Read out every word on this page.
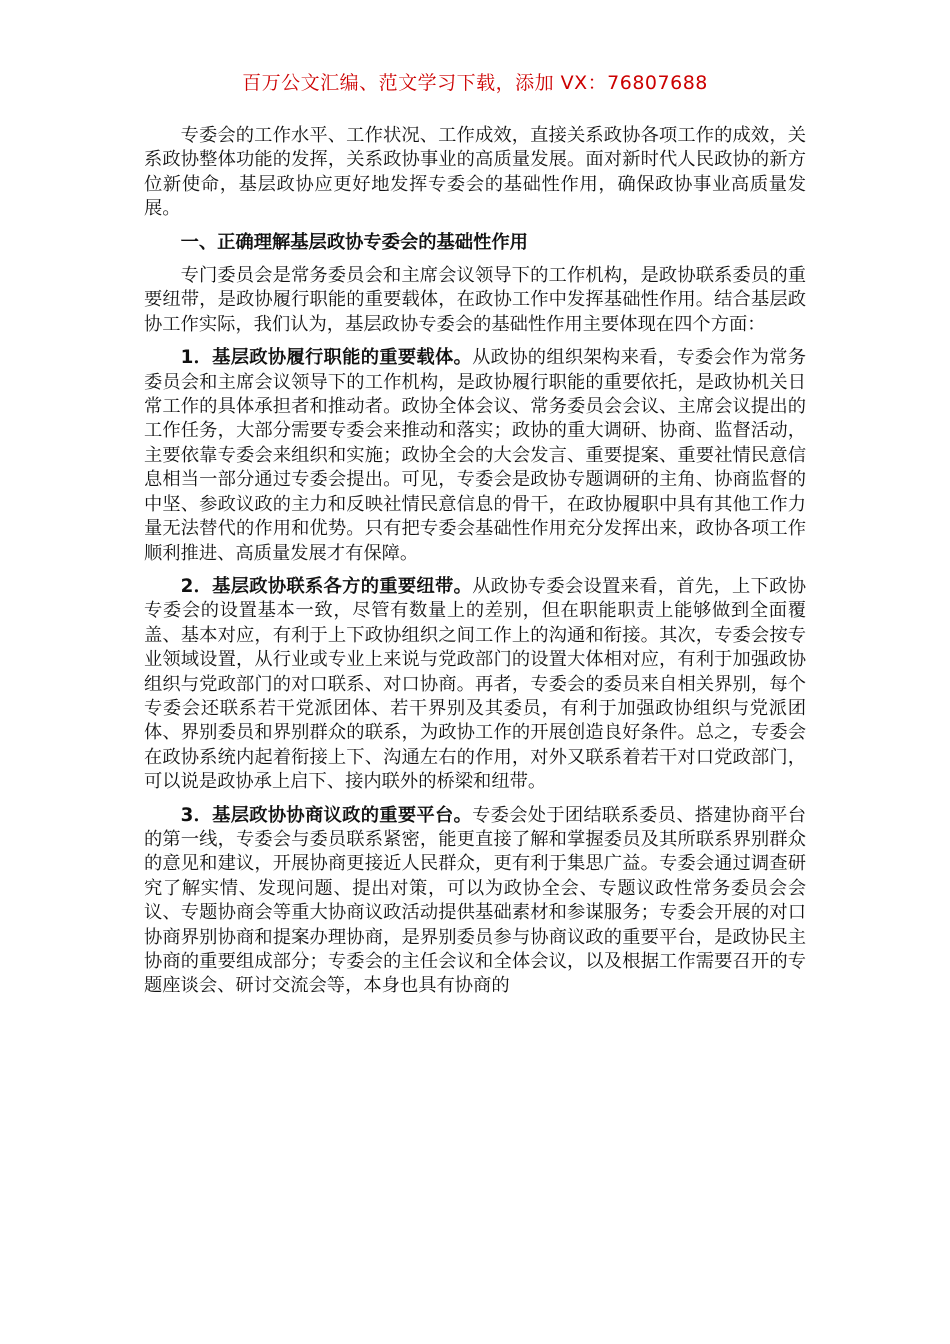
百万公文汇编、范文学习下载，添加 VX：76807688

专委会的工作水平、工作状况、工作成效，直接关系政协各项工作的成效，关系政协整体功能的发挥，关系政协事业的高质量发展。面对新时代人民政协的新方位新使命，基层政协应更好地发挥专委会的基础性作用，确保政协事业高质量发展。

一、正确理解基层政协专委会的基础性作用

专门委员会是常务委员会和主席会议领导下的工作机构，是政协联系委员的重要纽带，是政协履行职能的重要载体，在政协工作中发挥基础性作用。结合基层政协工作实际，我们认为，基层政协专委会的基础性作用主要体现在四个方面：

1．基层政协履行职能的重要载体。从政协的组织架构来看，专委会作为常务委员会和主席会议领导下的工作机构，是政协履行职能的重要依托，是政协机关日常工作的具体承担者和推动者。政协全体会议、常务委员会会议、主席会议提出的工作任务，大部分需要专委会来推动和落实；政协的重大调研、协商、监督活动，主要依靠专委会来组织和实施；政协全会的大会发言、重要提案、重要社情民意信息相当一部分通过专委会提出。可见，专委会是政协专题调研的主角、协商监督的中坚、参政议政的主力和反映社情民意信息的骨干，在政协履职中具有其他工作力量无法替代的作用和优势。只有把专委会基础性作用充分发挥出来，政协各项工作顺利推进、高质量发展才有保障。

2．基层政协联系各方的重要纽带。从政协专委会设置来看，首先，上下政协专委会的设置基本一致，尽管有数量上的差别，但在职能职责上能够做到全面覆盖、基本对应，有利于上下政协组织之间工作上的沟通和衔接。其次，专委会按专业领域设置，从行业或专业上来说与党政部门的设置大体相对应，有利于加强政协组织与党政部门的对口联系、对口协商。再者，专委会的委员来自相关界别，每个专委会还联系若干党派团体、若干界别及其委员，有利于加强政协组织与党派团体、界别委员和界别群众的联系，为政协工作的开展创造良好条件。总之，专委会在政协系统内起着衔接上下、沟通左右的作用，对外又联系着若干对口党政部门，可以说是政协承上启下、接内联外的桥梁和纽带。

3．基层政协协商议政的重要平台。专委会处于团结联系委员、搭建协商平台的第一线，专委会与委员联系紧密，能更直接了解和掌握委员及其所联系界别群众的意见和建议，开展协商更接近人民群众，更有利于集思广益。专委会通过调查研究了解实情、发现问题、提出对策，可以为政协全会、专题议政性常务委员会会议、专题协商会等重大协商议政活动提供基础素材和参谋服务；专委会开展的对口协商界别协商和提案办理协商，是界别委员参与协商议政的重要平台，是政协民主协商的重要组成部分；专委会的主任会议和全体会议，以及根据工作需要召开的专题座谈会、研讨交流会等，本身也具有协商的
